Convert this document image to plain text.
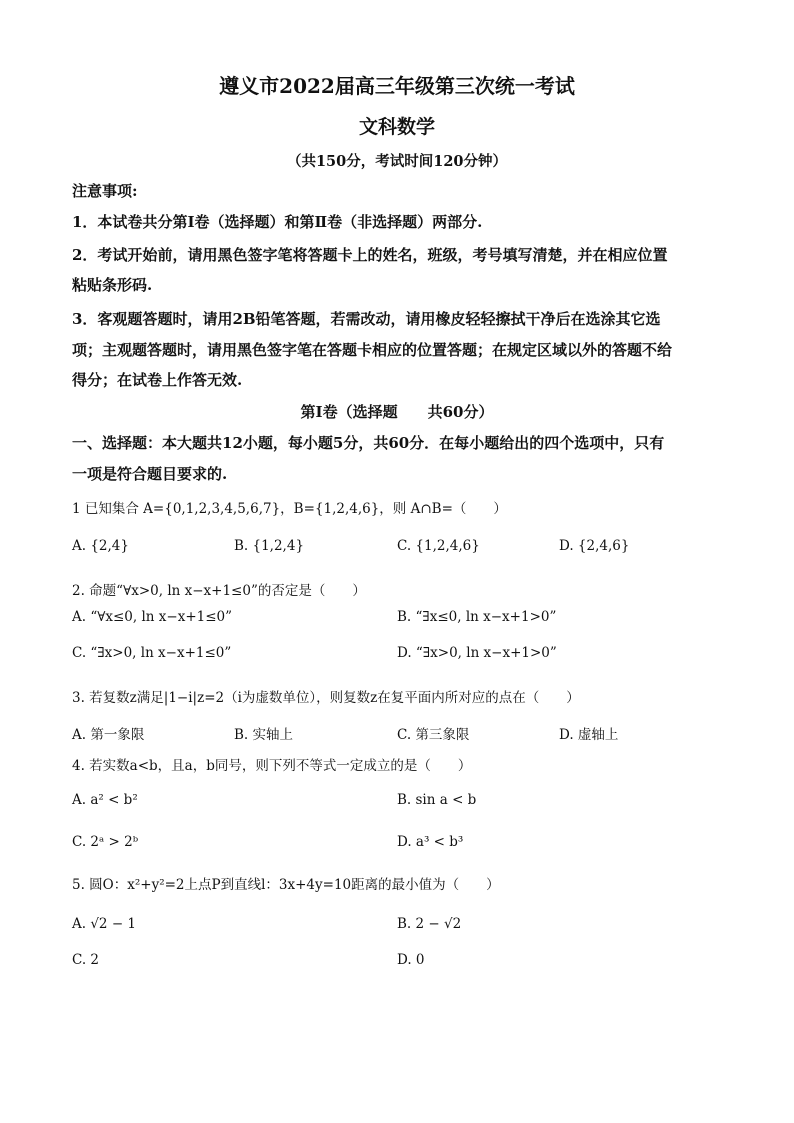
遵义市2022届高三年级第三次统一考试
文科数学
（共150分，考试时间120分钟）
注意事项:
1．本试卷共分第Ⅰ卷（选择题）和第Ⅱ卷（非选择题）两部分.
2．考试开始前，请用黑色签字笔将答题卡上的姓名，班级，考号填写清楚，并在相应位置
粘贴条形码.
3．客观题答题时，请用2B铅笔答题，若需改动，请用橡皮轻轻擦拭干净后在选涂其它选
项；主观题答题时，请用黑色签字笔在答题卡相应的位置答题；在规定区域以外的答题不给
得分；在试卷上作答无效.
第Ⅰ卷（选择题　　共60分）
一、选择题：本大题共12小题，每小题5分，共60分．在每小题给出的四个选项中，只有
一项是符合题目要求的.
1 已知集合 A={0,1,2,3,4,5,6,7}，B={1,2,4,6}，则 A∩B=（　　）
A. {2,4}	B. {1,2,4}	C. {1,2,4,6}	D. {2,4,6}
2. 命题“∀x>0, ln x−x+1≤0”的否定是（　　）
A. “∀x≤0, ln x−x+1≤0”	B. “∃x≤0, ln x−x+1>0”
C. “∃x>0, ln x−x+1≤0”	D. “∃x>0, ln x−x+1>0”
3. 若复数z满足|1−i|z=2（i为虚数单位），则复数z在复平面内所对应的点在（　　）
A. 第一象限	B. 实轴上	C. 第三象限	D. 虚轴上
4. 若实数a<b，且a，b同号，则下列不等式一定成立的是（　　）
A. a² < b²	B. sin a < b
C. 2ᵃ > 2ᵇ	D. a³ < b³
5. 圆O：x²+y²=2上点P到直线l：3x+4y=10距离的最小值为（　　）
A. √2 − 1	B. 2 − √2
C. 2	D. 0
